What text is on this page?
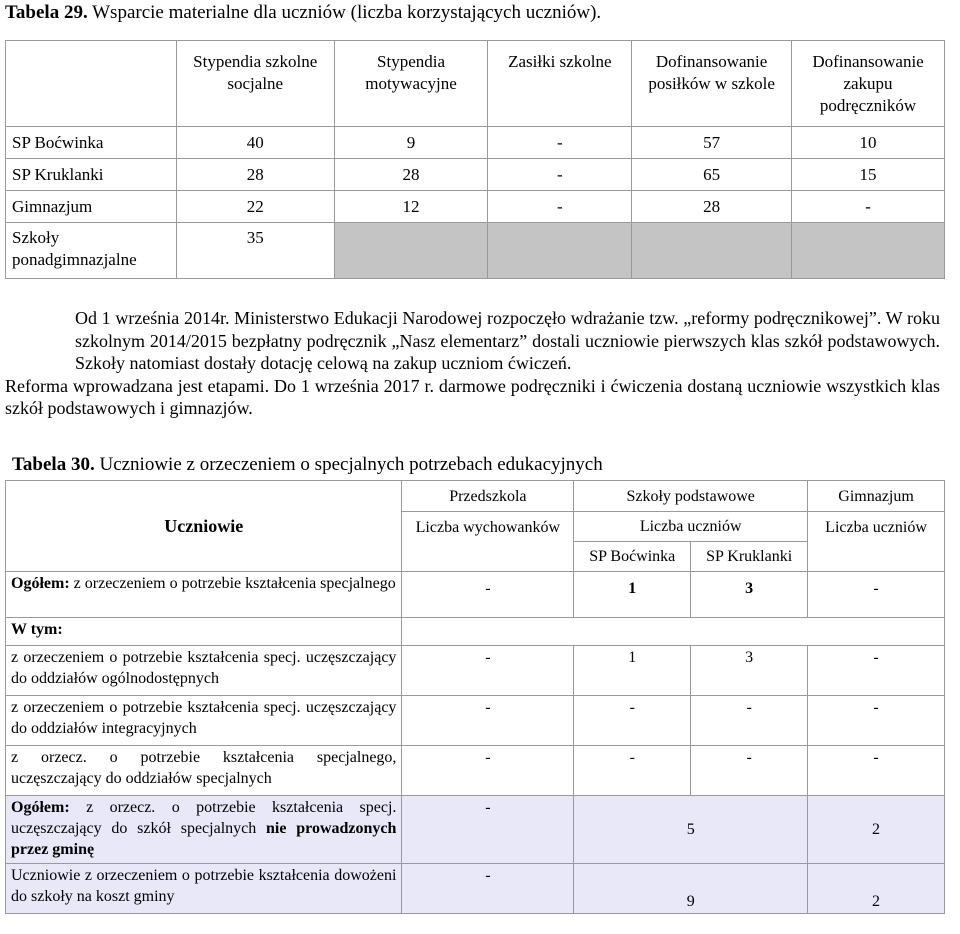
Tabela 29. Wsparcie materialne dla uczniów (liczba korzystających uczniów).
	Stypendia szkolne socjalne	Stypendia motywacyjne	Zasiłki szkolne	Dofinansowanie posiłków w szkole	Dofinansowanie zakupu podręczników
SP Boćwinka	40	9	-	57	10
SP Kruklanki	28	28	-	65	15
Gimnazjum	22	12	-	28	-
Szkoły ponadgimnazjalne	35				
Od 1 września 2014r. Ministerstwo Edukacji Narodowej rozpoczęło wdrażanie tzw. „reformy podręcznikowej”. W roku szkolnym 2014/2015 bezpłatny podręcznik „Nasz elementarz” dostali uczniowie pierwszych klas szkół podstawowych. Szkoły natomiast dostały dotację celową na zakup uczniom ćwiczeń.
Reforma wprowadzana jest etapami. Do 1 września 2017 r. darmowe podręczniki i ćwiczenia dostaną uczniowie wszystkich klas szkół podstawowych i gimnazjów.
Tabela 30. Uczniowie z orzeczeniem o specjalnych potrzebach edukacyjnych
Uczniowie	Przedszkola	Szkoły podstawowe		Gimnazjum
	Liczba wychowanków	Liczba uczniów		Liczba uczniów
		SP Boćwinka	SP Kruklanki	
Ogółem: z orzeczeniem o potrzebie kształcenia specjalnego	-	1	3	-
W tym:				
z orzeczeniem o potrzebie kształcenia specj. uczęszczający do oddziałów ogólnodostępnych	-	1	3	-
z orzeczeniem o potrzebie kształcenia specj. uczęszczający do oddziałów integracyjnych	-	-	-	-
z orzecz. o potrzebie kształcenia specjalnego, uczęszczający do oddziałów specjalnych	-	-	-	-
Ogółem: z orzecz. o potrzebie kształcenia specj. uczęszczający do szkół specjalnych nie prowadzonych przez gminę	-	5		2
Uczniowie z orzeczeniem o potrzebie kształcenia dowożeni do szkoły na koszt gminy	-	9		2
